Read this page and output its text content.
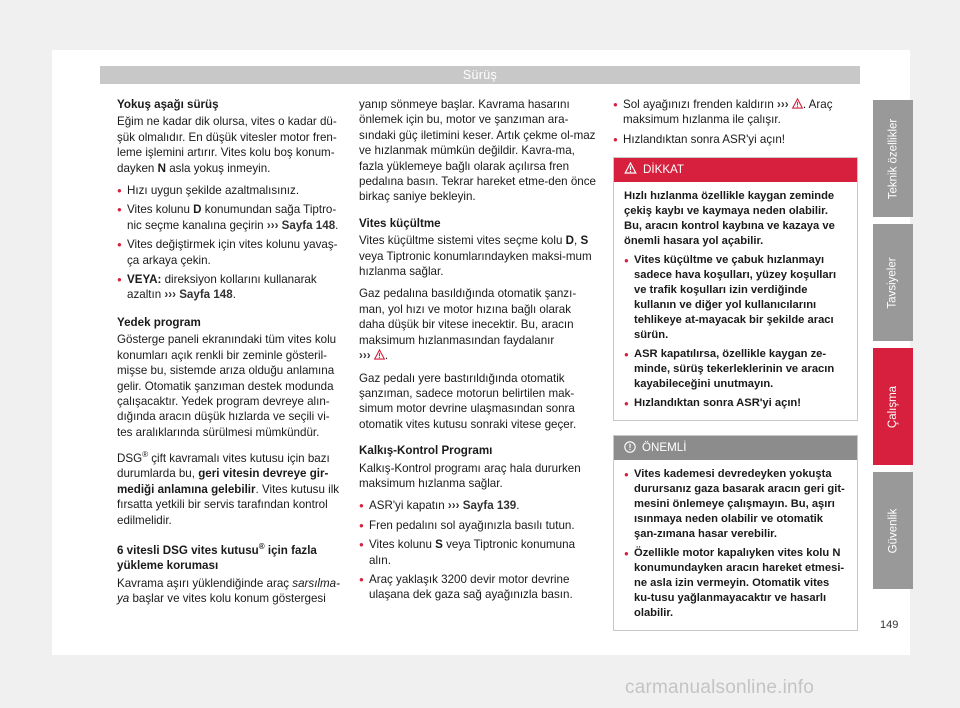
Sürüş
Yokuş aşağı sürüş

Eğim ne kadar dik olursa, vites o kadar dü-şük olmalıdır. En düşük vitesler motor fren-leme işlemini artırır. Vites kolu boş konum-dayken N asla yokuş inmeyin.

● Hızı uygun şekilde azaltmalısınız.
● Vites kolunu D konumundan sağa Tiptro-nic seçme kanalına geçirin ››› Sayfa 148.
● Vites değiştirmek için vites kolunu yavaş-ça arkaya çekin.
● VEYA: direksiyon kollarını kullanarak azaltın ››› Sayfa 148.
Yedek program

Gösterge paneli ekranındaki tüm vites kolu konumları açık renkli bir zeminle gösteril-mişse bu, sistemde arıza olduğu anlamına gelir. Otomatik şanzıman destek modunda çalışacaktır. Yedek program devreye alın-dığında aracın düşük hızlarda ve seçili vi-tes aralıklarında sürülmesi mümkündür.

DSG® çift kavramalı vites kutusu için bazı durumlarda bu, geri vitesin devreye gir-mediği anlamına gelebilir. Vites kutusu ilk fırsatta yetkili bir servis tarafından kontrol edilmelidir.

6 vitesli DSG vites kutusu® için fazla yükleme koruması

Kavrama aşırı yüklendiğinde araç sarsılma-ya başlar ve vites kolu konum göstergesi

yanıp sönmeye başlar. Kavrama hasarını önlemek için bu, motor ve şanzıman ara-sındaki güç iletimini keser. Artık çekme ol-maz ve hızlanmak mümkün değildir. Kavra-ma, fazla yüklemeye bağlı olarak açılırsa fren pedalına basın. Tekrar hareket etme-den önce birkaç saniye bekleyin.

Vites küçültme

Vites küçültme sistemi vites seçme kolu D, S veya Tiptronic konumlarındayken maksi-mum hızlanma sağlar.

Gaz pedalına basıldığında otomatik şanzı-man, yol hızı ve motor hızına bağlı olarak daha düşük bir vitese inecektir. Bu, aracın maksimum hızlanmasından faydalanır
››› .

Gaz pedalı yere bastırıldığında otomatik şanzıman, sadece motorun belirtilen mak-simum motor devrine ulaşmasından sonra otomatik vites kutusu sonraki vitese geçer.

Kalkış-Kontrol Programı

Kalkış-Kontrol programı araç hala dururken maksimum hızlanma sağlar.

● ASR'yi kapatın ››› Sayfa 139.
● Fren pedalını sol ayağınızla basılı tutun.
● Vites kolunu S veya Tiptronic konumuna alın.
● Araç yaklaşık 3200 devir motor devrine ulaşana dek gaza sağ ayağınızla basın.
● Sol ayağınızı frenden kaldırın ››› . Araç maksimum hızlanma ile çalışır.
● Hızlandıktan sonra ASR'yi açın!
DİKKAT

Hızlı hızlanma özellikle kaygan zeminde çekiş kaybı ve kaymaya neden olabilir. Bu, aracın kontrol kaybına ve kazaya ve önemli hasara yol açabilir.

● Vites küçültme ve çabuk hızlanmayı sadece hava koşulları, yüzey koşulları ve trafik koşulları izin verdiğinde kullanın ve diğer yol kullanıcılarını tehlikeye at-mayacak bir şekilde aracı sürün.
● ASR kapatılırsa, özellikle kaygan ze-minde, sürüş tekerleklerinin ve aracın kayabileceğini unutmayın.
● Hızlandıktan sonra ASR'yi açın!
ÖNEMLİ
● Vites kademesi devredeyken yokuşta durursanız gaza basarak aracın geri git-mesini önlemeye çalışmayın. Bu, aşırı ısınmaya neden olabilir ve otomatik şan-zımana hasar verebilir.
● Özellikle motor kapalıyken vites kolu N konumundayken aracın hareket etmesi-ne asla izin vermeyin. Otomatik vites ku-tusu yağlanmayacaktır ve hasarlı olabilir.
Teknik özellikler
Tavsiyeler
Çalışma
Güvenlik
149
carmanualsonline.info
